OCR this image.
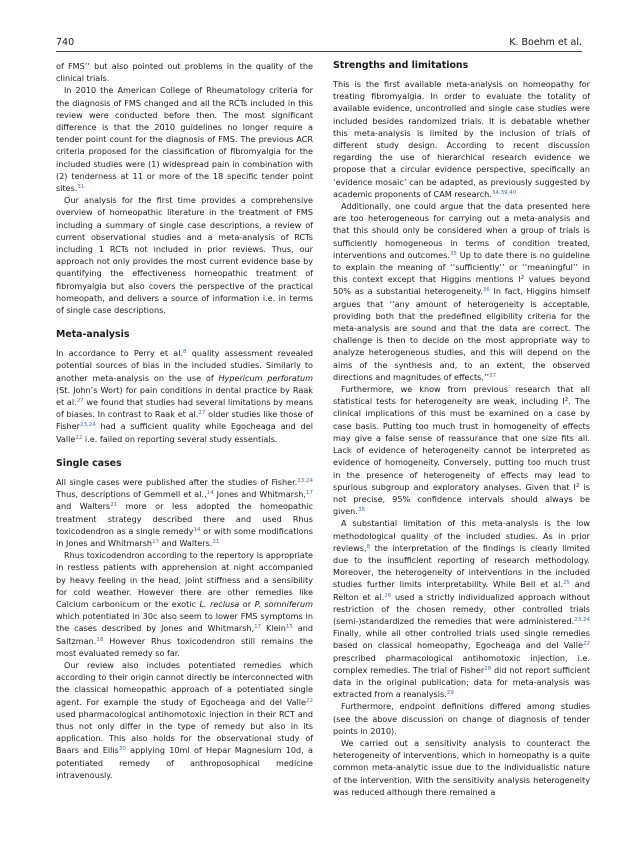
740	K. Boehm et al.

of FMS’’ but also pointed out problems in the quality of the clinical trials.

In 2010 the American College of Rheumatology criteria for the diagnosis of FMS changed and all the RCTs included in this review were conducted before then. The most significant difference is that the 2010 guidelines no longer require a tender point count for the diagnosis of FMS. The previous ACR criteria proposed for the classification of fibromyalgia for the included studies were (1) widespread pain in combination with (2) tenderness at 11 or more of the 18 specific tender point sites.$^{31}$

Our analysis for the first time provides a comprehensive overview of homeopathic literature in the treatment of FMS including a summary of single case descriptions, a review of current observational studies and a meta-analysis of RCTs including 1 RCTs not included in prior reviews. Thus, our approach not only provides the most current evidence base by quantifying the effectiveness homeopathic treatment of fibromyalgia but also covers the perspective of the practical homeopath, and delivers a source of information i.e. in terms of single case descriptions.

Meta-analysis

In accordance to Perry et al.$^8$ quality assessment revealed potential sources of bias in the included studies. Similarly to another meta-analysis on the use of Hypericum perforatum (St. John’s Wort) for pain conditions in dental practice by Raak et al.$^{27}$ we found that studies had several limitations by means of biases. In contrast to Raak et al.$^{27}$ older studies like those of Fisher$^{23,24}$ had a sufficient quality while Egocheaga and del Valle$^{22}$ i.e. failed on reporting several study essentials.

Single cases

All single cases were published after the studies of Fisher.$^{23,24}$ Thus, descriptions of Gemmell et al.,$^{14}$ Jones and Whitmarsh,$^{17}$ and Walters$^{21}$ more or less adopted the homeopathic treatment strategy described there and used Rhus toxicodendron as a single remedy$^{14}$ or with some modifications in Jones and Whitmarsh$^{17}$ and Walters.$^{21}$

Rhus toxicodendron according to the repertory is appropriate in restless patients with apprehension at night accompanied by heavy feeling in the head, joint stiffness and a sensibility for cold weather. However there are other remedies like Calcium carbonicum or the exotic L. reclusa or P. somniferum which potentiated in 30c also seem to lower FMS symptoms in the cases described by Jones and Whitmarsh,$^{17}$ Klein$^{15}$ and Saltzman.$^{18}$ However Rhus toxicodendron still remains the most evaluated remedy so far.

Our review also includes potentiated remedies which according to their origin cannot directly be interconnected with the classical homeopathic approach of a potentiated single agent. For example the study of Egocheaga and del Valle$^{22}$ used pharmacological antihomotoxic injection in their RCT and thus not only differ in the type of remedy but also in its application. This also holds for the observational study of Baars and Ellis$^{30}$ applying 10ml of Hepar Magnesium 10d, a potentiated remedy of anthroposophical medicine intravenously.

Strengths and limitations

This is the first available meta-analysis on homeopathy for treating fibromyalgia. In order to evaluate the totality of available evidence, uncontrolled and single case studies were included besides randomized trials. It is debatable whether this meta-analysis is limited by the inclusion of trials of different study design. According to recent discussion regarding the use of hierarchical research evidence we propose that a circular evidence perspective, specifically an ‘evidence mosaic’ can be adapted, as previously suggested by academic proponents of CAM research.$^{34,39,40}$

Additionally, one could argue that the data presented here are too heterogeneous for carrying out a meta-analysis and that this should only be considered when a group of trials is sufficiently homogeneous in terms of condition treated, interventions and outcomes.$^{35}$ Up to date there is no guideline to explain the meaning of ‘‘sufficiently’’ or ‘‘meaningful’’ in this context except that Higgins mentions $I^2$ values beyond 50% as a substantial heterogeneity.$^{36}$ In fact, Higgins himself argues that ‘‘any amount of heterogeneity is acceptable, providing both that the predefined eligibility criteria for the meta-analysis are sound and that the data are correct. The challenge is then to decide on the most appropriate way to analyze heterogeneous studies, and this will depend on the aims of the synthesis and, to an extent, the observed directions and magnitudes of effects.’’$^{37}$

Furthermore, we know from previous research that all statistical tests for heterogeneity are weak, including $I^2$. The clinical implications of this must be examined on a case by case basis. Putting too much trust in homogeneity of effects may give a false sense of reassurance that one size fits all. Lack of evidence of heterogeneity cannot be interpreted as evidence of homogeneity. Conversely, putting too much trust in the presence of heterogeneity of effects may lead to spurious subgroup and exploratory analyses. Given that $I^2$ is not precise, 95% confidence intervals should always be given.$^{38}$

A substantial limitation of this meta-analysis is the low methodological quality of the included studies. As in prior reviews,$^8$ the interpretation of the findings is clearly limited due to the insufficient reporting of research methodology. Moreover, the heterogeneity of interventions in the included studies further limits interpretability. While Bell et al.$^{25}$ and Relton et al.$^{26}$ used a strictly individualized approach without restriction of the chosen remedy, other controlled trials (semi-)standardized the remedies that were administered.$^{23,24}$ Finally, while all other controlled trials used single remedies based on classical homeopathy, Egocheaga and del Valle$^{22}$ prescribed pharmacological antihomotoxic injection, i.e. complex remedies. The trial of Fisher$^{28}$ did not report sufficient data in the original publication; data for meta-analysis was extracted from a reanalysis.$^{29}$

Furthermore, endpoint definitions differed among studies (see the above discussion on change of diagnosis of tender points in 2010).

We carried out a sensitivity analysis to counteract the heterogeneity of interventions, which in homeopathy is a quite common meta-analytic issue due to the individualistic nature of the intervention. With the sensitivity analysis heterogeneity was reduced although there remained a
